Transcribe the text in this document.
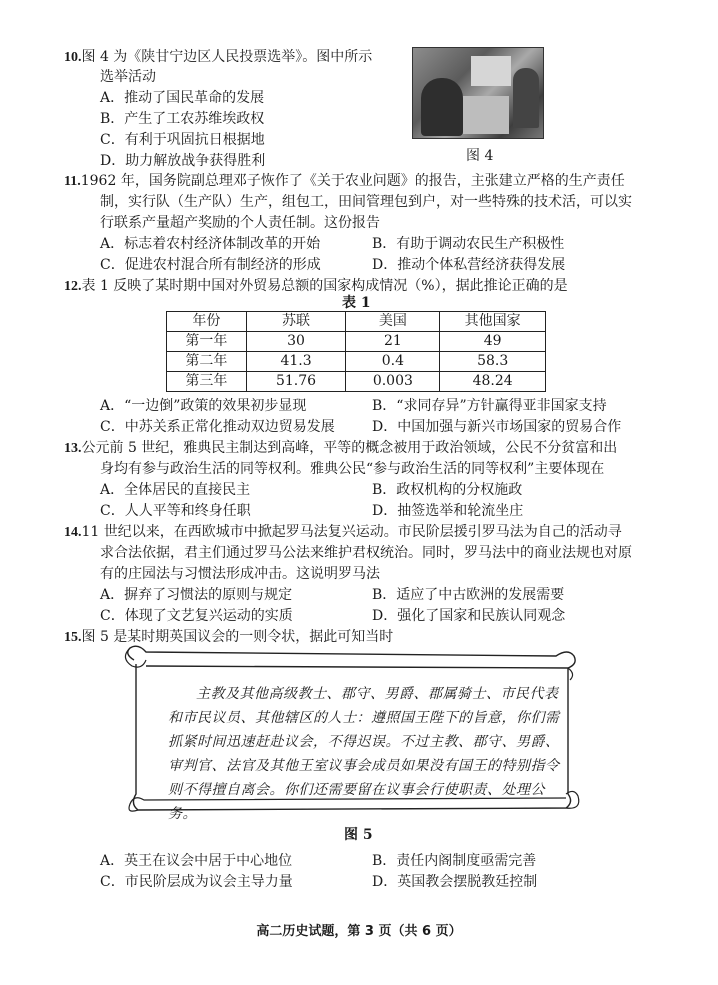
10.图 4 为《陕甘宁边区人民投票选举》。图中所示
选举活动
A．推动了国民革命的发展
B．产生了工农苏维埃政权
C．有利于巩固抗日根据地
D．助力解放战争获得胜利	图 4
11.1962 年，国务院副总理邓子恢作了《关于农业问题》的报告，主张建立严格的生产责任
制，实行队（生产队）生产，组包工，田间管理包到户，对一些特殊的技术活，可以实
行联系产量超产奖励的个人责任制。这份报告
A．标志着农村经济体制改革的开始	B．有助于调动农民生产积极性
C．促进农村混合所有制经济的形成	D．推动个体私营经济获得发展
12.表 1 反映了某时期中国对外贸易总额的国家构成情况（%），据此推论正确的是
表 1
年份	苏联	美国	其他国家
第一年	30	21	49
第二年	41.3	0.4	58.3
第三年	51.76	0.003	48.24
A．“一边倒”政策的效果初步显现	B．“求同存异”方针赢得亚非国家支持
C．中苏关系正常化推动双边贸易发展	D．中国加强与新兴市场国家的贸易合作
13.公元前 5 世纪，雅典民主制达到高峰，平等的概念被用于政治领域，公民不分贫富和出
身均有参与政治生活的同等权利。雅典公民“参与政治生活的同等权利”主要体现在
A．全体居民的直接民主	B．政权机构的分权施政
C．人人平等和终身任职	D．抽签选举和轮流坐庄
14.11 世纪以来，在西欧城市中掀起罗马法复兴运动。市民阶层援引罗马法为自己的活动寻
求合法依据，君主们通过罗马公法来维护君权统治。同时，罗马法中的商业法规也对原
有的庄园法与习惯法形成冲击。这说明罗马法
A．摒弃了习惯法的原则与规定	B．适应了中古欧洲的发展需要
C．体现了文艺复兴运动的实质	D．强化了国家和民族认同观念
15.图 5 是某时期英国议会的一则令状，据此可知当时

主教及其他高级教士、郡守、男爵、郡属骑士、市民代表和市民议员、其他辖区的人士：遵照国王陛下的旨意，你们需抓紧时间迅速赶赴议会，不得迟误。不过主教、郡守、男爵、审判官、法官及其他王室议事会成员如果没有国王的特别指令则不得擅自离会。你们还需要留在议事会行使职责、处理公务。

图 5
A．英王在议会中居于中心地位	B．责任内阁制度亟需完善
C．市民阶层成为议会主导力量	D．英国教会摆脱教廷控制
高二历史试题，第 3 页（共 6 页）
